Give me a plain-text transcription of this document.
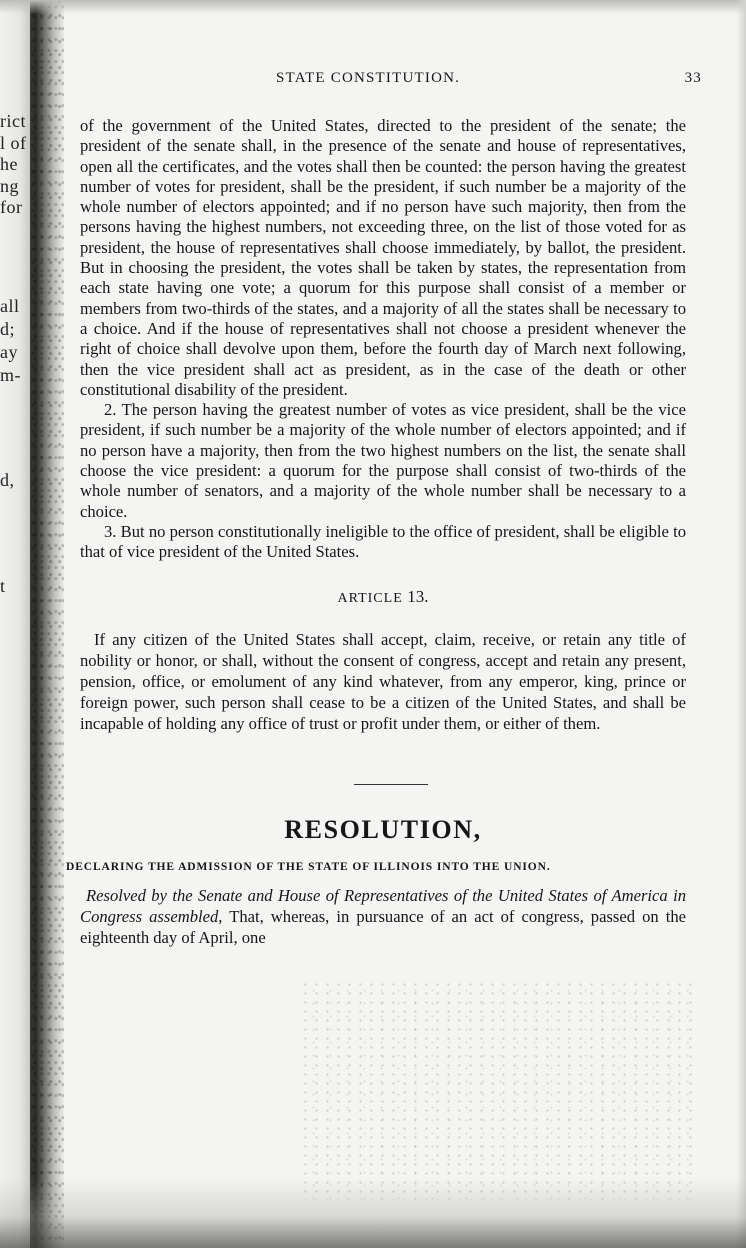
rict
l of
he
ng
for
all
d;
ay
m-
d,
t
STATE CONSTITUTION.	33

of the government of the United States, directed to the president of the senate; the president of the senate shall, in the presence of the senate and house of representatives, open all the certificates, and the votes shall then be counted: the person having the greatest number of votes for president, shall be the president, if such number be a majority of the whole number of electors appointed; and if no person have such majority, then from the persons having the highest numbers, not exceeding three, on the list of those voted for as president, the house of representatives shall choose immediately, by ballot, the president. But in choosing the president, the votes shall be taken by states, the representation from each state having one vote; a quorum for this purpose shall consist of a member or members from two-thirds of the states, and a majority of all the states shall be necessary to a choice. And if the house of representatives shall not choose a president whenever the right of choice shall devolve upon them, before the fourth day of March next following, then the vice president shall act as president, as in the case of the death or other constitutional disability of the president.

2. The person having the greatest number of votes as vice president, shall be the vice president, if such number be a majority of the whole number of electors appointed; and if no person have a majority, then from the two highest numbers on the list, the senate shall choose the vice president: a quorum for the purpose shall consist of two-thirds of the whole number of senators, and a majority of the whole number shall be necessary to a choice.

3. But no person constitutionally ineligible to the office of president, shall be eligible to that of vice president of the United States.

ARTICLE 13.

If any citizen of the United States shall accept, claim, receive, or retain any title of nobility or honor, or shall, without the consent of congress, accept and retain any present, pension, office, or emolument of any kind whatever, from any emperor, king, prince or foreign power, such person shall cease to be a citizen of the United States, and shall be incapable of holding any office of trust or profit under them, or either of them.

RESOLUTION,
DECLARING THE ADMISSION OF THE STATE OF ILLINOIS INTO THE UNION.

Resolved by the Senate and House of Representatives of the United States of America in Congress assembled, That, whereas, in pursuance of an act of congress, passed on the eighteenth day of April, one
